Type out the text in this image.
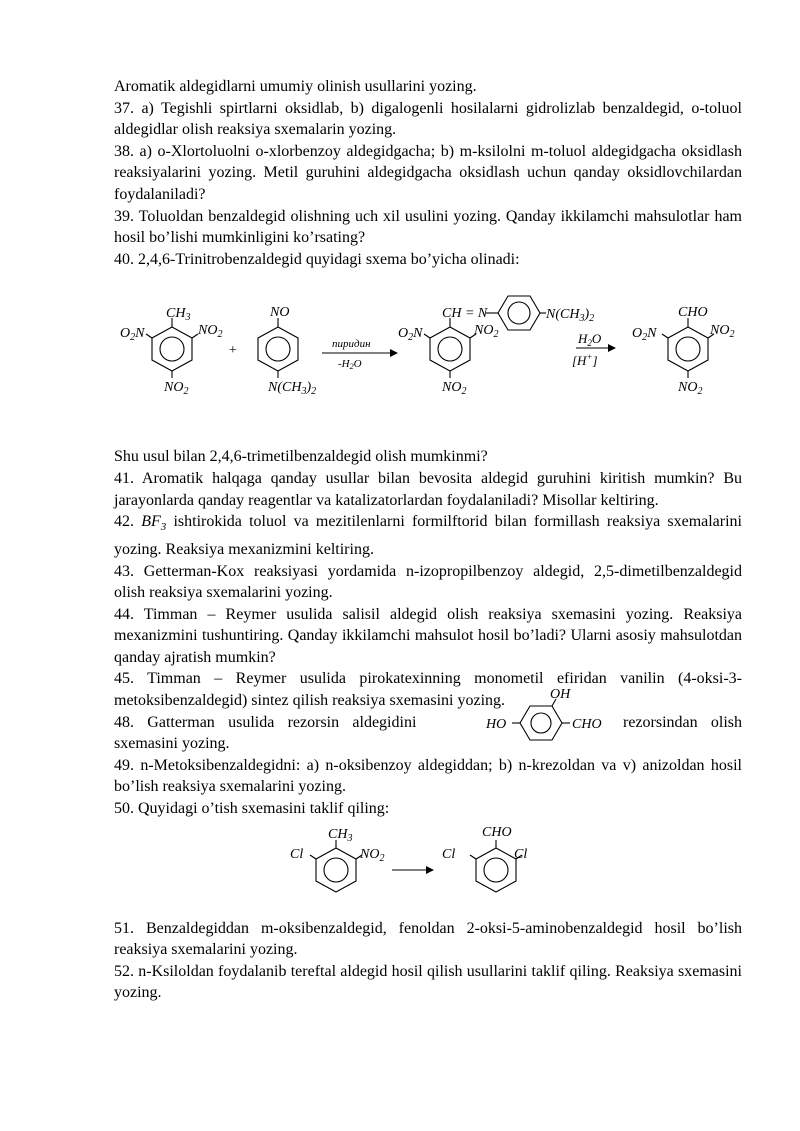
Aromatik aldegidlarni umumiy olinish usullarini yozing.

37. a) Tegishli spirtlarni oksidlab, b) digalogenli hosilalarni gidrolizlab benzaldegid, o-toluol aldegidlar olish reaksiya sxemalarin yozing.

38. a) o-Xlortoluolni o-xlorbenzoy aldegidgacha; b) m-ksilolni m-toluol aldegidgacha oksidlash reaksiyalarini yozing. Metil guruhini aldegidgacha oksidlash uchun qanday oksidlovchilardan foydalaniladi?

39. Toluoldan benzaldegid olishning uch xil usulini yozing. Qanday ikkilamchi mahsulotlar ham hosil bo’lishi mumkinligini ko’rsating?

40. 2,4,6-Trinitrobenzaldegid quyidagi sxema bo’yicha olinadi:

$CH_3$
$O_2N$	$NO_2$
$NO_2$
+
NO
$N(CH_3)_2$
пиридин
-H2O
CH = N	$N(CH_3)_2$
$O_2N$	$NO_2$
$NO_2$
$H_2O$
[H+]
CHO
$O_2N$	$NO_2$
$NO_2$

Shu usul bilan 2,4,6-trimetilbenzaldegid olish mumkinmi?

41. Aromatik halqaga qanday usullar bilan bevosita aldegid guruhini kiritish mumkin? Bu jarayonlarda qanday reagentlar va katalizatorlardan foydalaniladi? Misollar keltiring.

42. $BF_3$ ishtirokida toluol va mezitilenlarni formilftorid bilan formillash reaksiya sxemalarini yozing. Reaksiya mexanizmini keltiring.

43. Getterman-Kox reaksiyasi yordamida n-izopropilbenzoy aldegid, 2,5-dimetilbenzaldegid olish reaksiya sxemalarini yozing.

44. Timman – Reymer usulida salisil aldegid olish reaksiya sxemasini yozing. Reaksiya mexanizmini tushuntiring. Qanday ikkilamchi mahsulot hosil bo’ladi? Ularni asosiy mahsulotdan qanday ajratish mumkin?

45. Timman – Reymer usulida pirokatexinning monometil efiridan vanilin (4-oksi-3-metoksibenzaldegid) sintez qilish reaksiya sxemasini yozing.

48. Gatterman usulida rezorsin aldegidini	rezorsindan olish sxemasini yozing.
HO	CHO
OH

49. n-Metoksibenzaldegidni: a) n-oksibenzoy aldegiddan; b) n-krezoldan va v) anizoldan hosil bo’lish reaksiya sxemalarini yozing.

50. Quyidagi o’tish sxemasini taklif qiling:

$CH_3$
Cl	$NO_2$
CHO
Cl	Cl

51. Benzaldegiddan m-oksibenzaldegid, fenoldan 2-oksi-5-aminobenzaldegid hosil bo’lish reaksiya sxemalarini yozing.

52. n-Ksiloldan foydalanib tereftal aldegid hosil qilish usullarini taklif qiling. Reaksiya sxemasini yozing.
